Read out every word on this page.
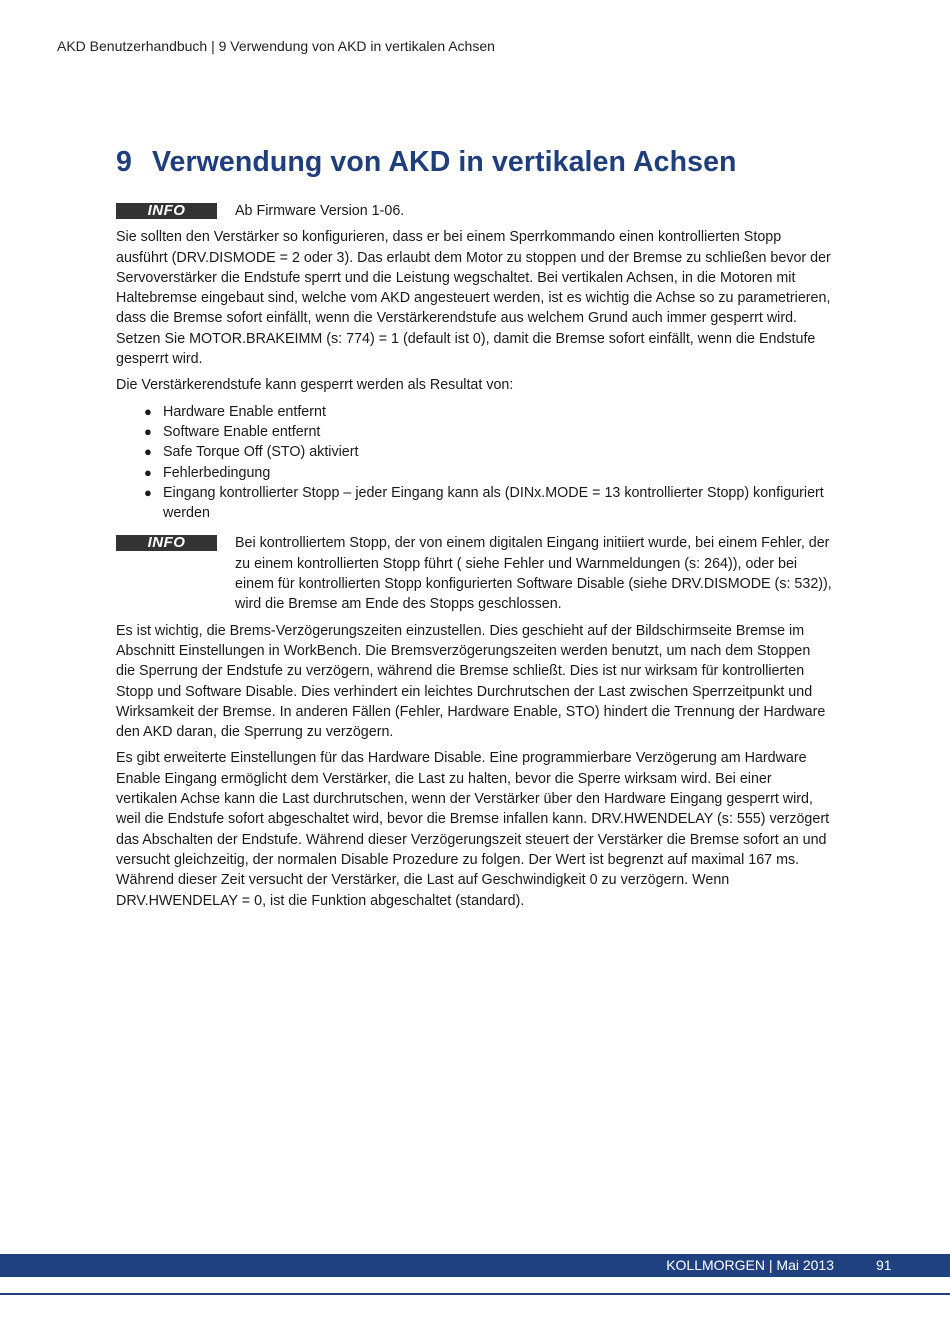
AKD Benutzerhandbuch | 9 Verwendung von AKD in vertikalen Achsen
9 Verwendung von AKD in vertikalen Achsen
INFO	Ab Firmware Version 1-06.

Sie sollten den Verstärker so konfigurieren, dass er bei einem Sperrkommando einen kontrollierten Stopp ausführt (DRV.DISMODE = 2 oder 3). Das erlaubt dem Motor zu stoppen und der Bremse zu schließen bevor der Servoverstärker die Endstufe sperrt und die Leistung wegschaltet. Bei vertikalen Achsen, in die Motoren mit Haltebremse eingebaut sind, welche vom AKD angesteuert werden, ist es wichtig die Achse so zu parametrieren, dass die Bremse sofort einfällt, wenn die Verstärkerendstufe aus welchem Grund auch immer gesperrt wird. Setzen Sie MOTOR.BRAKEIMM (s: 774) = 1 (default ist 0), damit die Bremse sofort einfällt, wenn die Endstufe gesperrt wird.

Die Verstärkerendstufe kann gesperrt werden als Resultat von:

● Hardware Enable entfernt
● Software Enable entfernt
● Safe Torque Off (STO) aktiviert
● Fehlerbedingung
● Eingang kontrollierter Stopp – jeder Eingang kann als (DINx.MODE = 13 kontrollierter Stopp) konfiguriert werden
INFO	Bei kontrolliertem Stopp, der von einem digitalen Eingang initiiert wurde, bei einem Fehler, der zu einem kontrollierten Stopp führt ( siehe Fehler und Warnmeldungen (s: 264)), oder bei einem für kontrollierten Stopp konfigurierten Software Disable (siehe DRV.DISMODE (s: 532)), wird die Bremse am Ende des Stopps geschlossen.

Es ist wichtig, die Brems-Verzögerungszeiten einzustellen. Dies geschieht auf der Bildschirmseite Bremse im Abschnitt Einstellungen in WorkBench. Die Bremsverzögerungszeiten werden benutzt, um nach dem Stoppen die Sperrung der Endstufe zu verzögern, während die Bremse schließt. Dies ist nur wirksam für kontrollierten Stopp und Software Disable. Dies verhindert ein leichtes Durchrutschen der Last zwischen Sperrzeitpunkt und Wirksamkeit der Bremse. In anderen Fällen (Fehler, Hardware Enable, STO) hindert die Trennung der Hardware den AKD daran, die Sperrung zu verzögern.

Es gibt erweiterte Einstellungen für das Hardware Disable. Eine programmierbare Verzögerung am Hardware Enable Eingang ermöglicht dem Verstärker, die Last zu halten, bevor die Sperre wirksam wird. Bei einer vertikalen Achse kann die Last durchrutschen, wenn der Verstärker über den Hardware Eingang gesperrt wird, weil die Endstufe sofort abgeschaltet wird, bevor die Bremse infallen kann. DRV.HWENDELAY (s: 555) verzögert das Abschalten der Endstufe. Während dieser Verzögerungszeit steuert der Verstärker die Bremse sofort an und versucht gleichzeitig, der normalen Disable Prozedure zu folgen. Der Wert ist begrenzt auf maximal 167 ms. Während dieser Zeit versucht der Verstärker, die Last auf Geschwindigkeit 0 zu verzögern. Wenn DRV.HWENDELAY = 0, ist die Funktion abgeschaltet (standard).

KOLLMORGEN | Mai 2013	91
